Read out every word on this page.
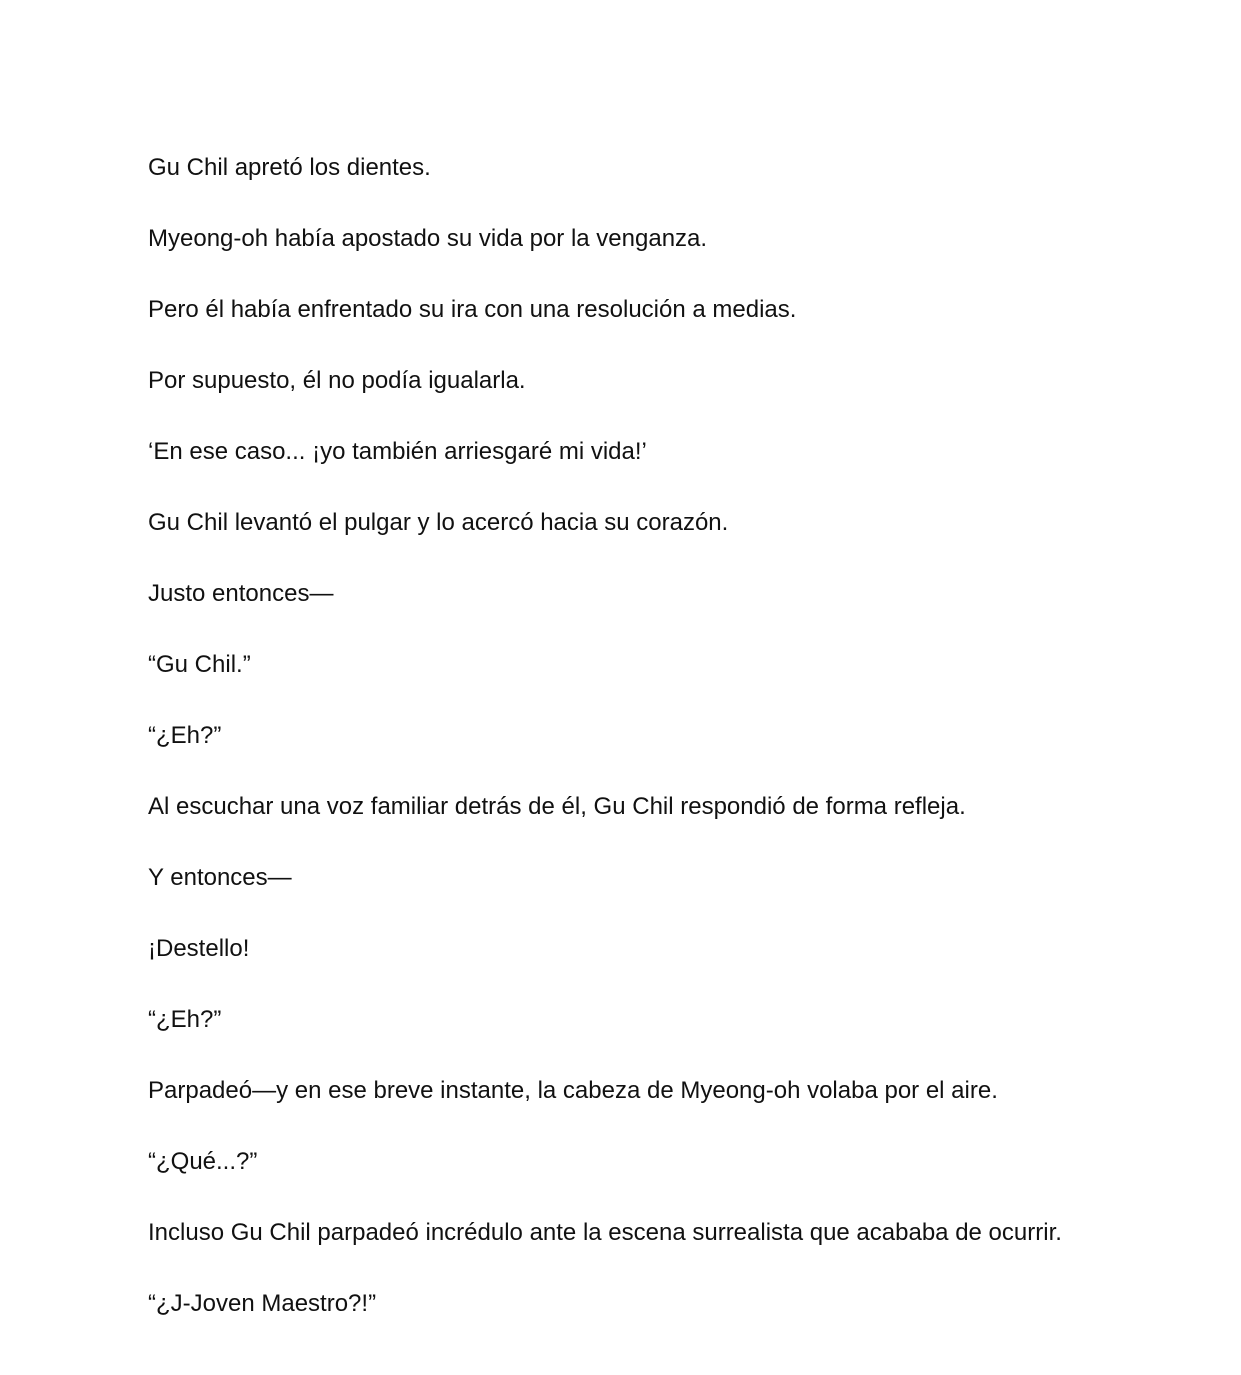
Gu Chil apretó los dientes.

Myeong-oh había apostado su vida por la venganza.

Pero él había enfrentado su ira con una resolución a medias.

Por supuesto, él no podía igualarla.

‘En ese caso... ¡yo también arriesgaré mi vida!’

Gu Chil levantó el pulgar y lo acercó hacia su corazón.

Justo entonces—

“Gu Chil.”

“¿Eh?”

Al escuchar una voz familiar detrás de él, Gu Chil respondió de forma refleja.

Y entonces—

¡Destello!

“¿Eh?”

Parpadeó—y en ese breve instante, la cabeza de Myeong-oh volaba por el aire.

“¿Qué...?”

Incluso Gu Chil parpadeó incrédulo ante la escena surrealista que acababa de ocurrir.

“¿J-Joven Maestro?!”
